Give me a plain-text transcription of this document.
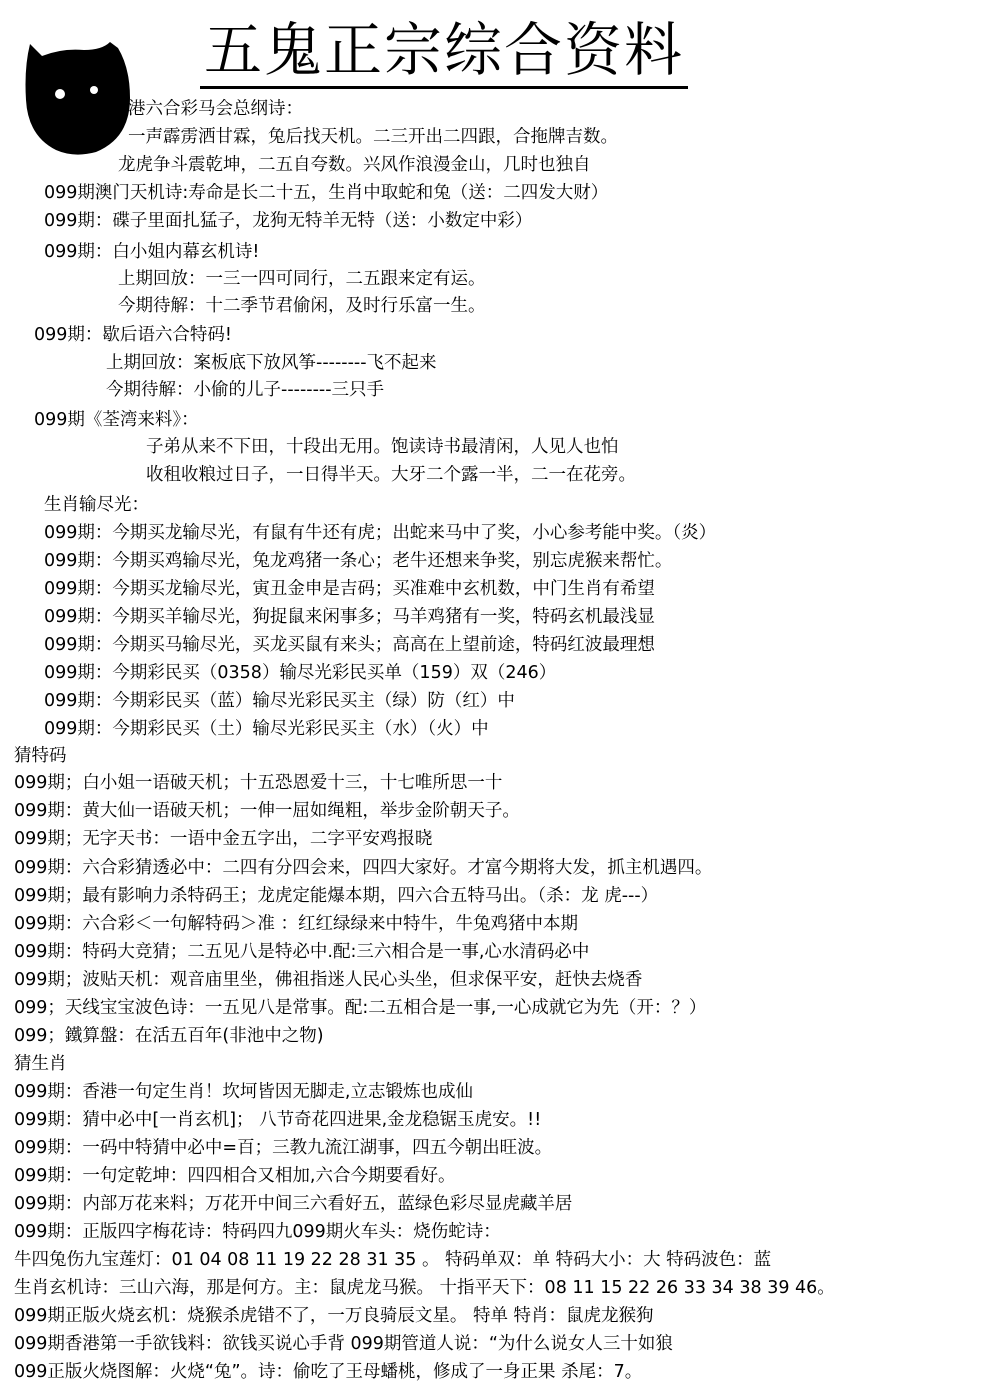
五鬼正宗综合资料
港六合彩马会总纲诗：
一声霹雳洒甘霖，兔后找天机。二三开出二四跟，合拖牌吉数。
龙虎争斗震乾坤，二五自夸数。兴风作浪漫金山，几时也独自
099期澳门天机诗:寿命是长二十五，生肖中取蛇和兔（送：二四发大财）
099期：碟子里面扎猛子，龙狗无特羊无特（送：小数定中彩）
099期：白小姐内幕玄机诗!
上期回放：一三一四可同行，二五跟来定有运。
今期待解：十二季节君偷闲，及时行乐富一生。
099期：歇后语六合特码!
上期回放：案板底下放风筝--------飞不起来
今期待解：小偷的儿子--------三只手
099期《荃湾来料》：
子弟从来不下田，十段出无用。饱读诗书最清闲，人见人也怕
收租收粮过日子，一日得半天。大牙二个露一半，二一在花旁。
生肖输尽光：
099期：今期买龙输尽光，有鼠有牛还有虎；出蛇来马中了奖，小心参考能中奖。（炎）
099期：今期买鸡输尽光，兔龙鸡猪一条心；老牛还想来争奖，别忘虎猴来帮忙。
099期：今期买龙输尽光，寅丑金申是吉码；买准难中玄机数，中门生肖有希望
099期：今期买羊输尽光，狗捉鼠来闲事多；马羊鸡猪有一奖，特码玄机最浅显
099期：今期买马输尽光，买龙买鼠有来头；高高在上望前途，特码红波最理想
099期：今期彩民买（0358）输尽光彩民买单（159）双（246）
099期：今期彩民买（蓝）输尽光彩民买主（绿）防（红）中
099期：今期彩民买（土）输尽光彩民买主（水）（火）中
猜特码
099期；白小姐一语破天机；十五恐恩爱十三，十七唯所思一十
099期：黄大仙一语破天机；一伸一屈如绳粗，举步金阶朝天子。
099期；无字天书：一语中金五字出，二字平安鸡报晓
099期：六合彩猜透必中：二四有分四会来，四四大家好。才富今期将大发，抓主机遇四。
099期；最有影响力杀特码王；龙虎定能爆本期，四六合五特马出。（杀：龙 虎---）
099期：六合彩＜一句解特码＞准 ：红红绿绿来中特牛，牛兔鸡猪中本期
099期：特码大竞猜；二五见八是特必中.配:三六相合是一事,心水清码必中
099期；波贴天机：观音庙里坐，佛祖指迷人民心头坐，但求保平安，赶快去烧香
099；天线宝宝波色诗：一五见八是常事。配:二五相合是一事,一心成就它为先（开：？）
099；鐵算盤：在活五百年(非池中之物)
猜生肖
099期：香港一句定生肖！坎坷皆因无脚走,立志锻炼也成仙
099期：猜中必中[一肖玄机]； 八节奇花四进果,金龙稳锯玉虎安。!!
099期：一码中特猜中必中=百；三教九流江湖事，四五今朝出旺波。
099期：一句定乾坤：四四相合又相加,六合今期要看好。
099期：内部万花来料；万花开中间三六看好五，蓝绿色彩尽显虎藏羊居
099期：正版四字梅花诗：特码四九099期火车头：烧伤蛇诗：
牛四兔伤九宝莲灯：01 04 08 11 19 22 28 31 35 。 特码单双：单 特码大小：大 特码波色：蓝
生肖玄机诗：三山六海，那是何方。主：鼠虎龙马猴。 十指平天下：08 11 15 22 26 33 34 38 39 46。
099期正版火烧玄机：烧猴杀虎错不了，一万良骑辰文星。 特单 特肖：鼠虎龙猴狗
099期香港第一手欲钱料：欲钱买说心手背 099期管道人说：“为什么说女人三十如狼
099正版火烧图解：火烧“兔”。诗：偷吃了王母蟠桃，修成了一身正果 杀尾：7。
